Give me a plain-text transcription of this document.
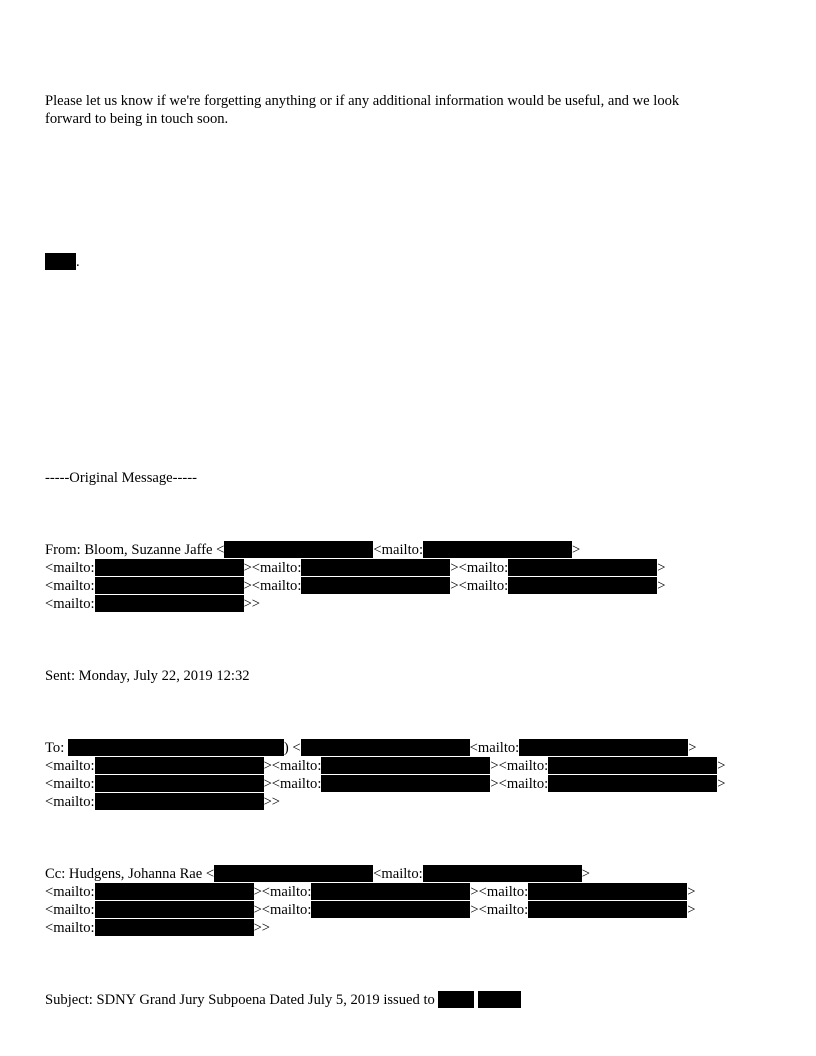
Please let us know if we're forgetting anything or if any additional information would be useful, and we look
forward to being in touch soon.
.
-----Original Message-----
From: Bloom, Suzanne Jaffe <	<mailto:	>
<mailto:	><mailto:	><mailto:	>
<mailto:	><mailto:	><mailto:	>
<mailto:	>>
Sent: Monday, July 22, 2019 12:32
To:	) <	<mailto:	>
<mailto:	><mailto:	><mailto:	>
<mailto:	><mailto:	><mailto:	>
<mailto:	>>
Cc: Hudgens, Johanna Rae <	<mailto:	>
<mailto:	><mailto:	><mailto:	>
<mailto:	><mailto:	><mailto:	>
<mailto:	>>
Subject: SDNY Grand Jury Subpoena Dated July 5, 2019 issued to
